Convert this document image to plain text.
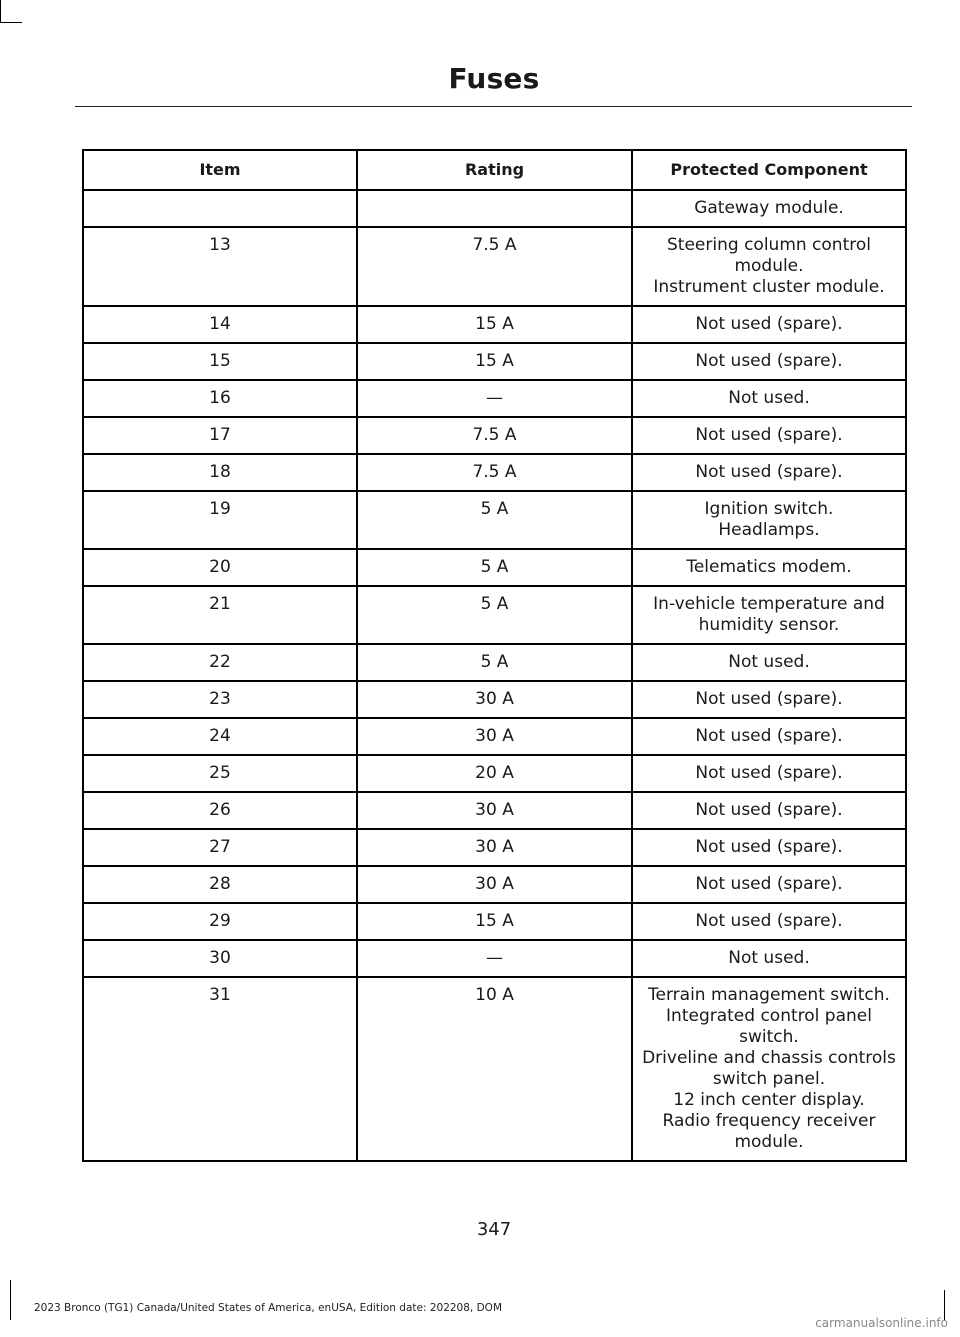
Fuses
Item	Rating	Protected Component

		Gateway module.

13	7.5 A	Steering column control module.
Instrument cluster module.

14	15 A	Not used (spare).

15	15 A	Not used (spare).

16	—	Not used.

17	7.5 A	Not used (spare).

18	7.5 A	Not used (spare).

19	5 A	Ignition switch.
Headlamps.

20	5 A	Telematics modem.

21	5 A	In-vehicle temperature and humidity sensor.

22	5 A	Not used.

23	30 A	Not used (spare).

24	30 A	Not used (spare).

25	20 A	Not used (spare).

26	30 A	Not used (spare).

27	30 A	Not used (spare).

28	30 A	Not used (spare).

29	15 A	Not used (spare).

30	—	Not used.

31	10 A	Terrain management switch.
Integrated control panel switch.
Driveline and chassis controls switch panel.
12 inch center display.
Radio frequency receiver module.
347
2023 Bronco (TG1) Canada/United States of America, enUSA, Edition date: 202208, DOM
carmanualsonline.info
